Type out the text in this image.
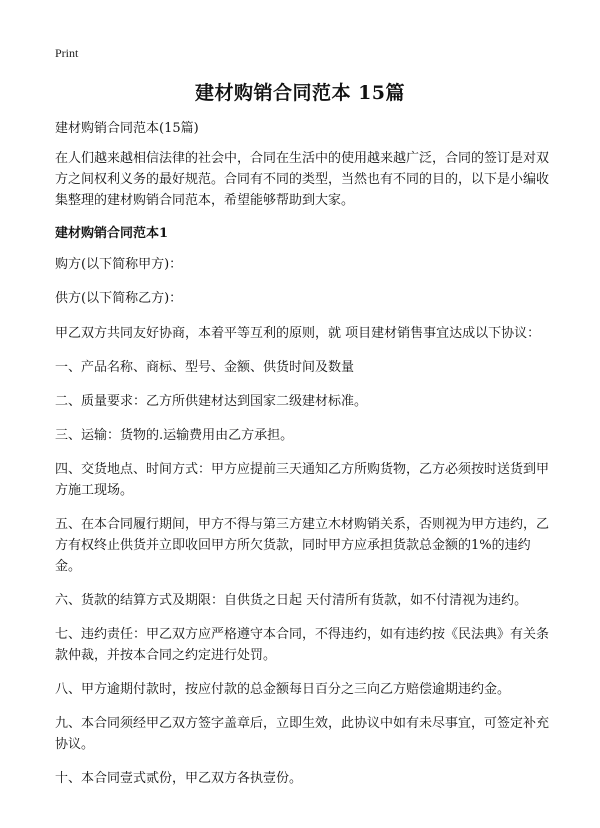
Print
建材购销合同范本 15篇

建材购销合同范本(15篇)

在人们越来越相信法律的社会中，合同在生活中的使用越来越广泛，合同的签订是对双方之间权利义务的最好规范。合同有不同的类型，当然也有不同的目的，以下是小编收集整理的建材购销合同范本，希望能够帮助到大家。

建材购销合同范本1

购方(以下简称甲方)：

供方(以下简称乙方)：

甲乙双方共同友好协商，本着平等互利的原则，就 项目建材销售事宜达成以下协议：

一、产品名称、商标、型号、金额、供货时间及数量

二、质量要求：乙方所供建材达到国家二级建材标准。

三、运输：货物的.运输费用由乙方承担。

四、交货地点、时间方式：甲方应提前三天通知乙方所购货物，乙方必须按时送货到甲方施工现场。

五、在本合同履行期间，甲方不得与第三方建立木材购销关系，否则视为甲方违约，乙方有权终止供货并立即收回甲方所欠货款，同时甲方应承担货款总金额的1%的违约金。

六、货款的结算方式及期限：自供货之日起 天付清所有货款，如不付清视为违约。

七、违约责任：甲乙双方应严格遵守本合同，不得违约，如有违约按《民法典》有关条款仲裁，并按本合同之约定进行处罚。

八、甲方逾期付款时，按应付款的总金额每日百分之三向乙方赔偿逾期违约金。

九、本合同须经甲乙双方签字盖章后，立即生效，此协议中如有未尽事宜，可签定补充协议。

十、本合同壹式贰份，甲乙双方各执壹份。
